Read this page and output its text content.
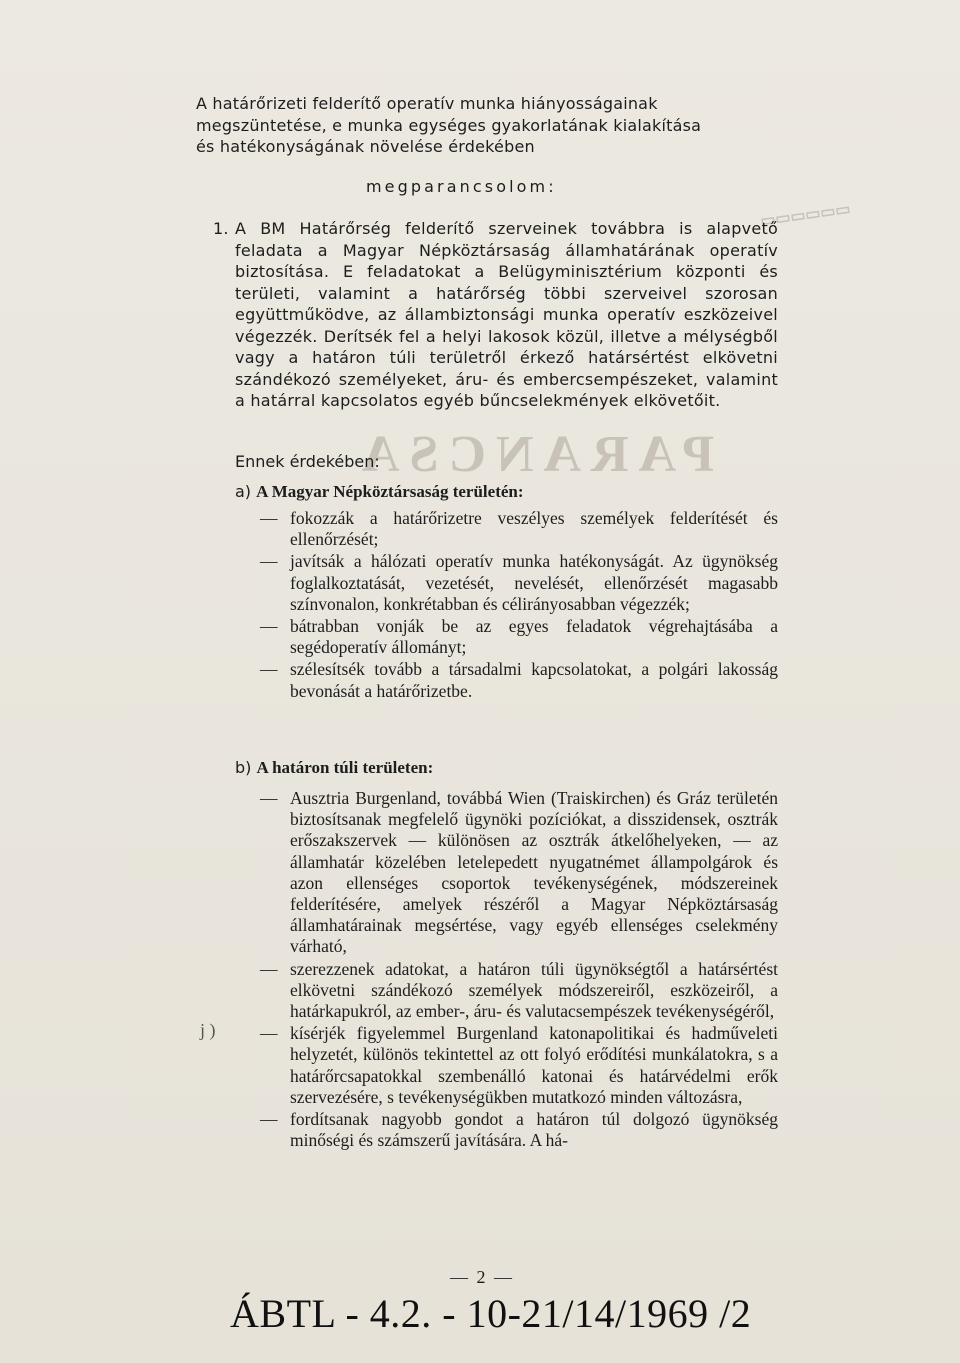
PARANCSA
▭▭▭▭▭▭
A határőrizeti felderítő operatív munka hiányosságainak
megszüntetése, e munka egységes gyakorlatának kialakítása
és hatékonyságának növelése érdekében
megparancsolom:
1. A BM Határőrség felderítő szerveinek továbbra is alapvető feladata a Magyar Népköztársaság államhatárának operatív biztosítása. E feladatokat a Belügyminisztérium központi és területi, valamint a határőrség többi szerveivel szorosan együttműködve, az állambiztonsági munka operatív eszközeivel végezzék. Derítsék fel a helyi lakosok közül, illetve a mélységből vagy a határon túli területről érkező határsértést elkövetni szándékozó személyeket, áru- és embercsempészeket, valamint a határral kapcsolatos egyéb bűncselekmények elkövetőit.
Ennek érdekében:
a) A Magyar Népköztársaság területén:
— fokozzák a határőrizetre veszélyes személyek felderítését és ellenőrzését;
— javítsák a hálózati operatív munka hatékonyságát. Az ügynökség foglalkoztatását, vezetését, nevelését, ellenőrzését magasabb színvonalon, konkrétabban és célirányosabban végezzék;
— bátrabban vonják be az egyes feladatok végrehajtásába a segédoperatív állományt;
— szélesítsék tovább a társadalmi kapcsolatokat, a polgári lakosság bevonását a határőrizetbe.
b) A határon túli területen:
— Ausztria Burgenland, továbbá Wien (Traiskirchen) és Gráz területén biztosítsanak megfelelő ügynöki pozíciókat, a disszidensek, osztrák erőszakszervek — különösen az osztrák átkelőhelyeken, — az államhatár közelében letelepedett nyugatnémet állampolgárok és azon ellenséges csoportok tevékenységének, módszereinek felderítésére, amelyek részéről a Magyar Népköztársaság államhatárainak megsértése, vagy egyéb ellenséges cselekmény várható,
— szerezzenek adatokat, a határon túli ügynökségtől a határsértést elkövetni szándékozó személyek módszereiről, eszközeiről, a határkapukról, az ember-, áru- és valutacsempészek tevékenységéről,
— kísérjék figyelemmel Burgenland katonapolitikai és hadműveleti helyzetét, különös tekintettel az ott folyó erődítési munkálatokra, s a határőrcsapatokkal szembenálló katonai és határvédelmi erők szervezésére, s tevékenységükben mutatkozó minden változásra,
— fordítsanak nagyobb gondot a határon túl dolgozó ügynökség minőségi és számszerű javítására. A há-
j )
— 2 —
ÁBTL - 4.2. - 10-21/14/1969 /2
